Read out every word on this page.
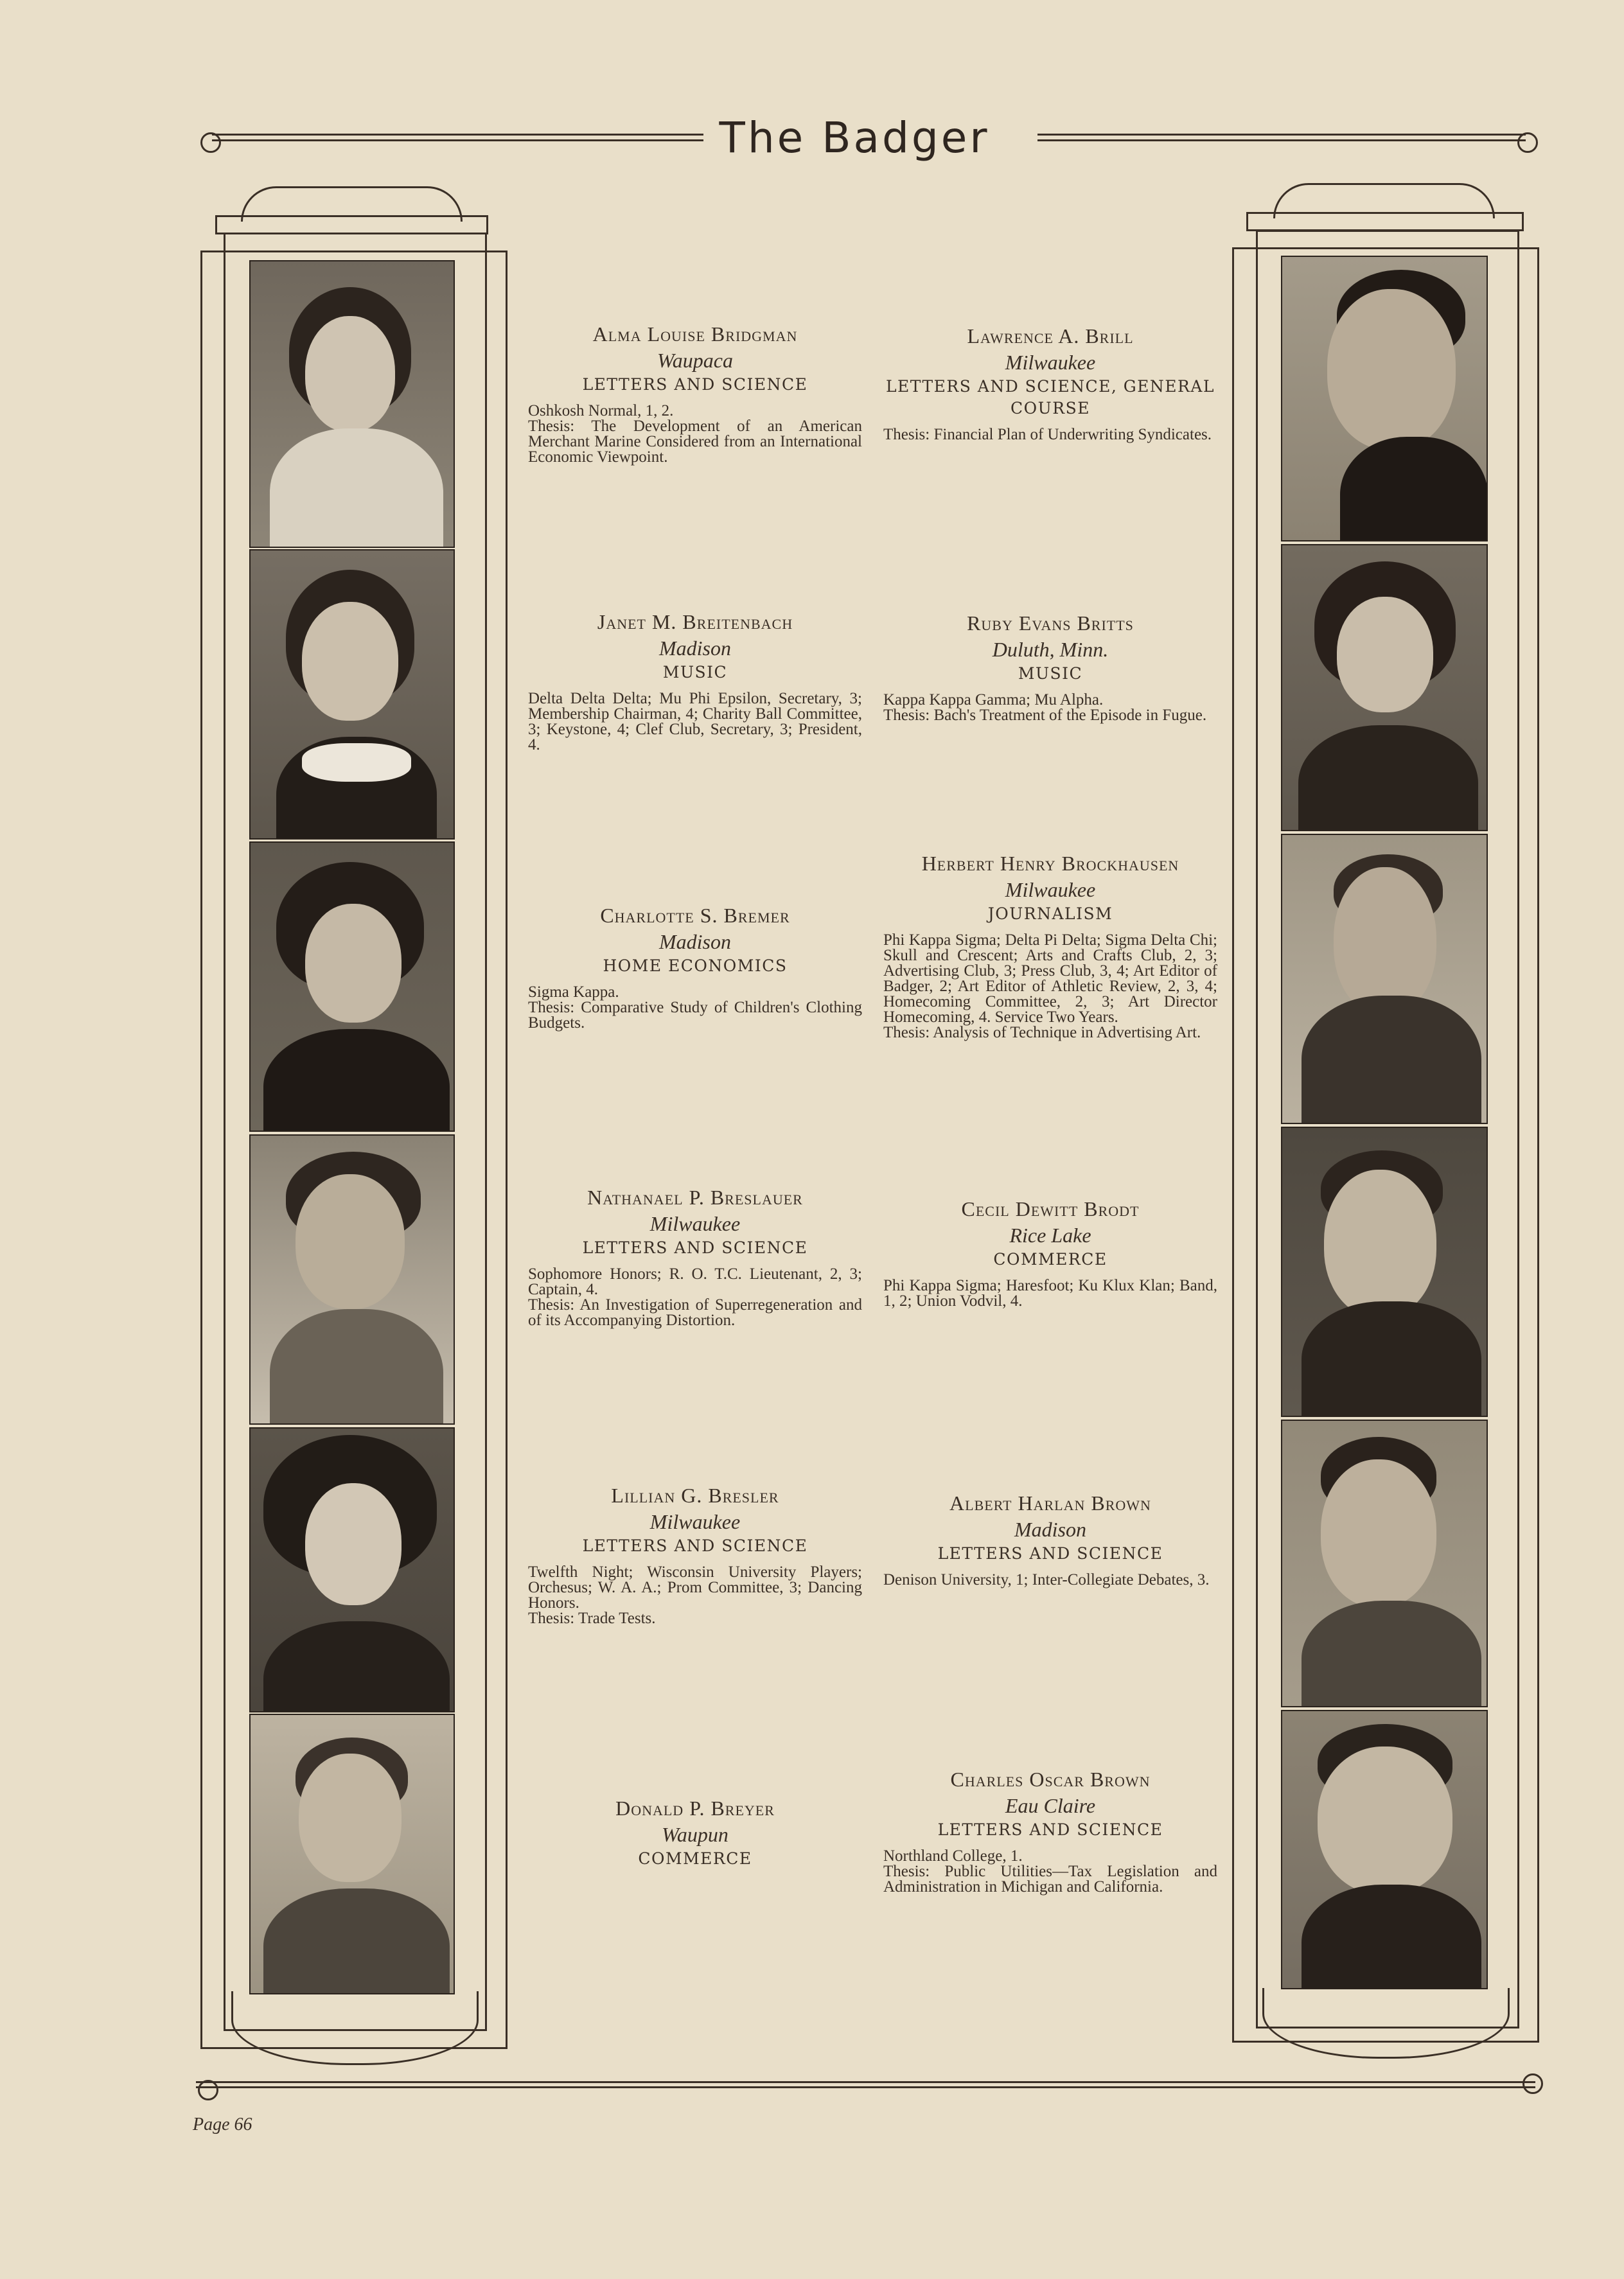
The Badger
Alma Louise Bridgman
Waupaca
LETTERS AND SCIENCE
Oshkosh Normal, 1, 2.
Thesis: The Development of an American Merchant Marine Considered from an International Economic Viewpoint.
Janet M. Breitenbach
Madison
MUSIC
Delta Delta Delta; Mu Phi Epsilon, Secretary, 3; Membership Chairman, 4; Charity Ball Committee, 3; Keystone, 4; Clef Club, Secretary, 3; President, 4.
Charlotte S. Bremer
Madison
HOME ECONOMICS
Sigma Kappa.
Thesis: Comparative Study of Children's Clothing Budgets.
Nathanael P. Breslauer
Milwaukee
LETTERS AND SCIENCE
Sophomore Honors; R. O. T.C. Lieutenant, 2, 3; Captain, 4.
Thesis: An Investigation of Superregeneration and of its Accompanying Distortion.
Lillian G. Bresler
Milwaukee
LETTERS AND SCIENCE
Twelfth Night; Wisconsin University Players; Orchesus; W. A. A.; Prom Committee, 3; Dancing Honors.
Thesis: Trade Tests.
Donald P. Breyer
Waupun
COMMERCE
Lawrence A. Brill
Milwaukee
LETTERS AND SCIENCE, GENERAL COURSE
Thesis: Financial Plan of Underwriting Syndicates.
Ruby Evans Britts
Duluth, Minn.
MUSIC
Kappa Kappa Gamma; Mu Alpha.
Thesis: Bach's Treatment of the Episode in Fugue.
Herbert Henry Brockhausen
Milwaukee
JOURNALISM
Phi Kappa Sigma; Delta Pi Delta; Sigma Delta Chi; Skull and Crescent; Arts and Crafts Club, 2, 3; Advertising Club, 3; Press Club, 3, 4; Art Editor of Badger, 2; Art Editor of Athletic Review, 2, 3, 4; Homecoming Committee, 2, 3; Art Director Homecoming, 4. Service Two Years.
Thesis: Analysis of Technique in Advertising Art.
Cecil Dewitt Brodt
Rice Lake
COMMERCE
Phi Kappa Sigma; Haresfoot; Ku Klux Klan; Band, 1, 2; Union Vodvil, 4.
Albert Harlan Brown
Madison
LETTERS AND SCIENCE
Denison University, 1; Inter-Collegiate Debates, 3.
Charles Oscar Brown
Eau Claire
LETTERS AND SCIENCE
Northland College, 1.
Thesis: Public Utilities—Tax Legislation and Administration in Michigan and California.
Page 66
